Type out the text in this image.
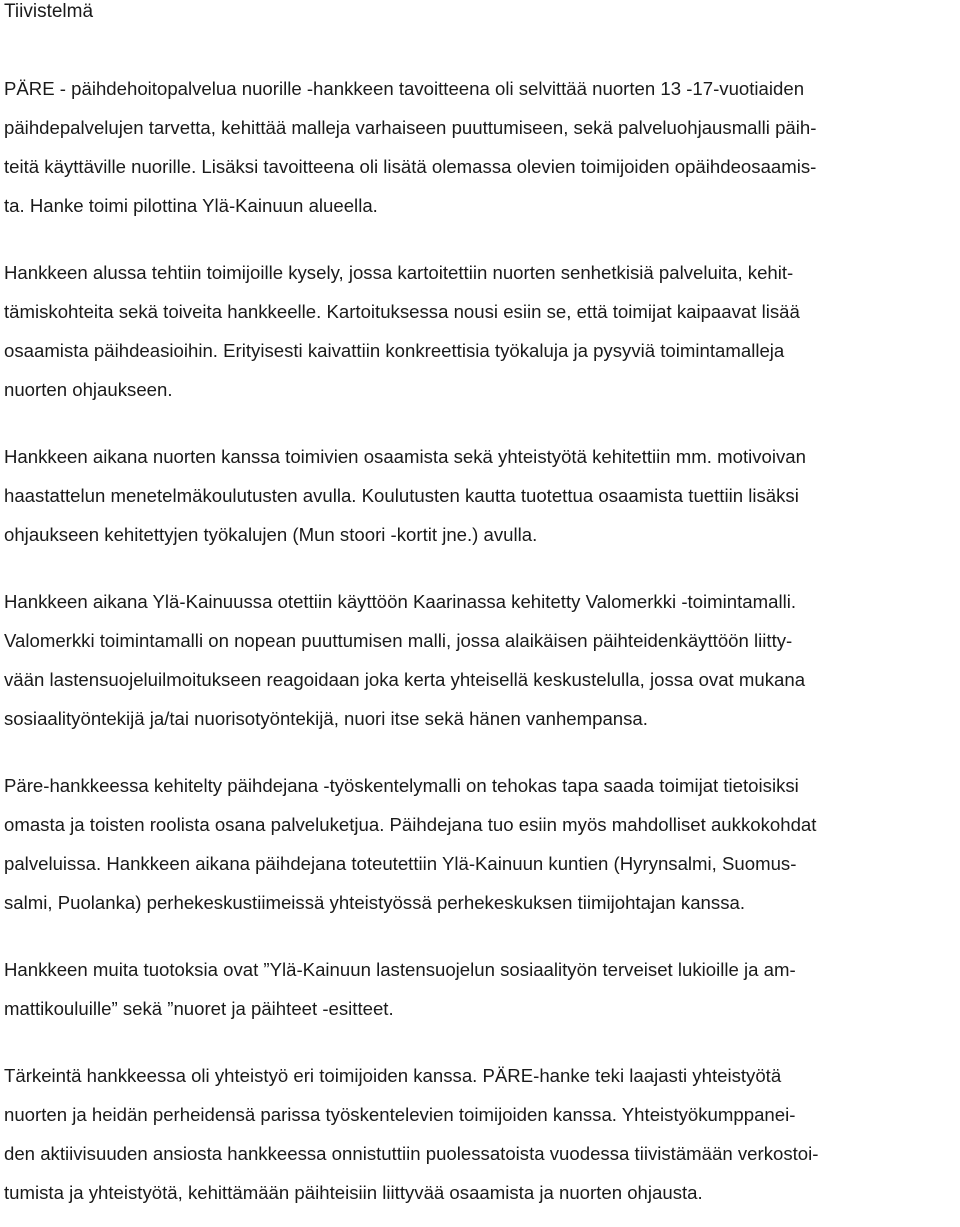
Tiivistelmä

PÄRE - päihdehoitopalvelua nuorille -hankkeen tavoitteena oli selvittää nuorten 13 -17-vuotiaiden
päihdepalvelujen tarvetta, kehittää malleja varhaiseen puuttumiseen, sekä palveluohjausmalli päih-
teitä käyttäville nuorille. Lisäksi tavoitteena oli lisätä olemassa olevien toimijoiden opäihdeosaamis-
ta. Hanke toimi pilottina Ylä-Kainuun alueella.

Hankkeen alussa tehtiin toimijoille kysely, jossa kartoitettiin nuorten senhetkisiä palveluita, kehit-
tämiskohteita sekä toiveita hankkeelle. Kartoituksessa nousi esiin se, että toimijat kaipaavat lisää
osaamista päihdeasioihin. Erityisesti kaivattiin konkreettisia työkaluja ja pysyviä toimintamalleja
nuorten ohjaukseen.

Hankkeen aikana nuorten kanssa toimivien osaamista sekä yhteistyötä kehitettiin mm. motivoivan
haastattelun menetelmäkoulutusten avulla. Koulutusten kautta tuotettua osaamista tuettiin lisäksi
ohjaukseen kehitettyjen työkalujen (Mun stoori -kortit jne.) avulla.

Hankkeen aikana Ylä-Kainuussa otettiin käyttöön Kaarinassa kehitetty Valomerkki -toimintamalli.
Valomerkki toimintamalli on nopean puuttumisen malli, jossa alaikäisen päihteidenkäyttöön liitty-
vään lastensuojeluilmoitukseen reagoidaan joka kerta yhteisellä keskustelulla, jossa ovat mukana
sosiaalityöntekijä ja/tai nuorisotyöntekijä, nuori itse sekä hänen vanhempansa.

Päre-hankkeessa kehitelty päihdejana -työskentelymalli on tehokas tapa saada toimijat tietoisiksi
omasta ja toisten roolista osana palveluketjua. Päihdejana tuo esiin myös mahdolliset aukkokohdat
palveluissa. Hankkeen aikana päihdejana toteutettiin Ylä-Kainuun kuntien (Hyrynsalmi, Suomus-
salmi, Puolanka) perhekeskustiimeissä yhteistyössä perhekeskuksen tiimijohtajan kanssa.

Hankkeen muita tuotoksia ovat ”Ylä-Kainuun lastensuojelun sosiaalityön terveiset lukioille ja am-
mattikouluille” sekä ”nuoret ja päihteet -esitteet.

Tärkeintä hankkeessa oli yhteistyö eri toimijoiden kanssa. PÄRE-hanke teki laajasti yhteistyötä
nuorten ja heidän perheidensä parissa työskentelevien toimijoiden kanssa. Yhteistyökumppanei-
den aktiivisuuden ansiosta hankkeessa onnistuttiin puolessatoista vuodessa tiivistämään verkostoi-
tumista ja yhteistyötä, kehittämään päihteisiin liittyvää osaamista ja nuorten ohjausta.
